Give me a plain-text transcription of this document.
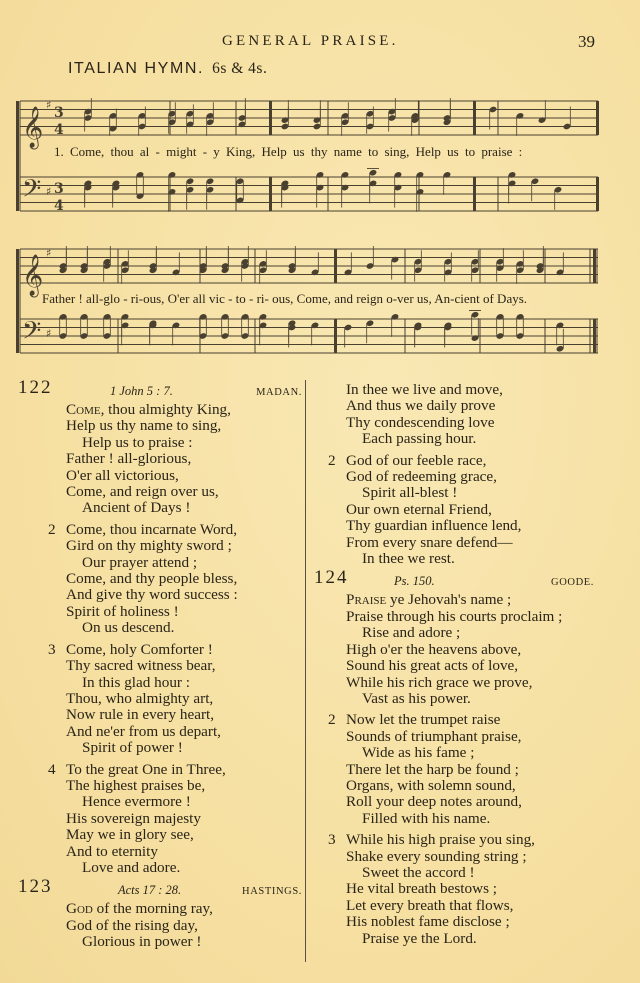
GENERAL PRAISE.	39
ITALIAN HYMN. 6s & 4s.
𝄞
♯ 3
4
𝄢 ♯ 3
4
𝄞
♯
𝄢 ♯
1. Come, thou al - might - y King, Help us thy name to sing, Help us to praise :
Father ! all-glo - ri-ous, O'er all vic - to - ri- ous, Come, and reign o-ver us, An-cient of Days.
122	1 John 5 : 7.	MADAN.
Come, thou almighty King,
Help us thy name to sing,
Help us to praise :
Father ! all-glorious,
O'er all victorious,
Come, and reign over us,
Ancient of Days !
2 Come, thou incarnate Word,
Gird on thy mighty sword ;
Our prayer attend ;
Come, and thy people bless,
And give thy word success :
Spirit of holiness !
On us descend.
3 Come, holy Comforter !
Thy sacred witness bear,
In this glad hour :
Thou, who almighty art,
Now rule in every heart,
And ne'er from us depart,
Spirit of power !
4 To the great One in Three,
The highest praises be,
Hence evermore !
His sovereign majesty
May we in glory see,
And to eternity
Love and adore.
123	Acts 17 : 28.	HASTINGS.
God of the morning ray,
God of the rising day,
Glorious in power !
In thee we live and move,
And thus we daily prove
Thy condescending love
Each passing hour.
2 God of our feeble race,
God of redeeming grace,
Spirit all-blest !
Our own eternal Friend,
Thy guardian influence lend,
From every snare defend—
In thee we rest.
124	Ps. 150.	GOODE.
Praise ye Jehovah's name ;
Praise through his courts proclaim ;
Rise and adore ;
High o'er the heavens above,
Sound his great acts of love,
While his rich grace we prove,
Vast as his power.
2 Now let the trumpet raise
Sounds of triumphant praise,
Wide as his fame ;
There let the harp be found ;
Organs, with solemn sound,
Roll your deep notes around,
Filled with his name.
3 While his high praise you sing,
Shake every sounding string ;
Sweet the accord !
He vital breath bestows ;
Let every breath that flows,
His noblest fame disclose ;
Praise ye the Lord.
